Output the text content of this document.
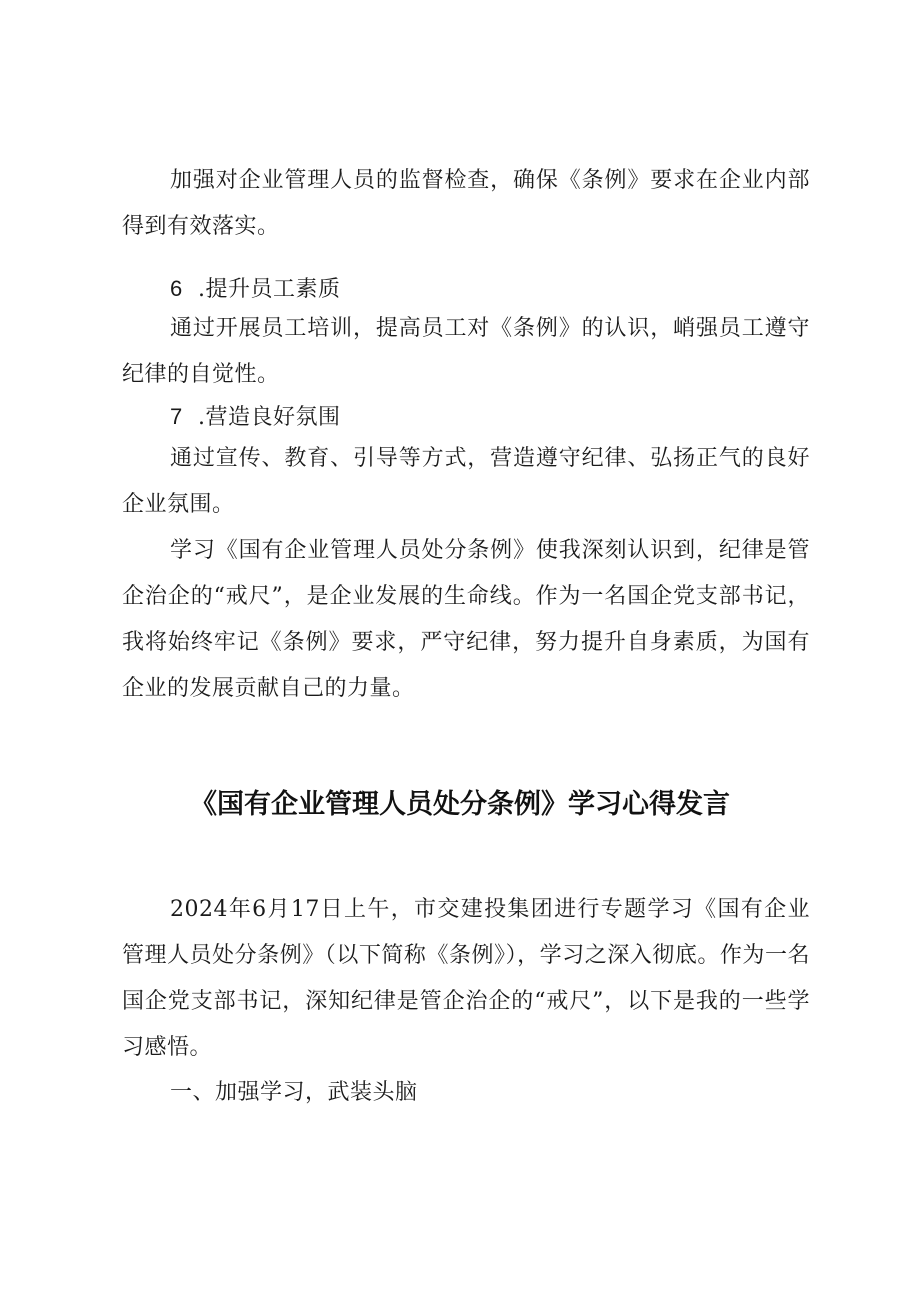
加强对企业管理人员的监督检查，确保《条例》要求在企业内部得到有效落实。

6 .提升员工素质

通过开展员工培训，提高员工对《条例》的认识，峭强员工遵守纪律的自觉性。

7 .营造良好氛围

通过宣传、教育、引导等方式，营造遵守纪律、弘扬正气的良好企业氛围。

学习《国有企业管理人员处分条例》使我深刻认识到，纪律是管企治企的“戒尺”，是企业发展的生命线。作为一名国企党支部书记，我将始终牢记《条例》要求，严守纪律，努力提升自身素质，为国有企业的发展贡献自己的力量。

《国有企业管理人员处分条例》学习心得发言

2024年6月17日上午，市交建投集团进行专题学习《国有企业管理人员处分条例》（以下简称《条例》），学习之深入彻底。作为一名国企党支部书记，深知纪律是管企治企的“戒尺”，以下是我的一些学习感悟。

一、加强学习，武装头脑
